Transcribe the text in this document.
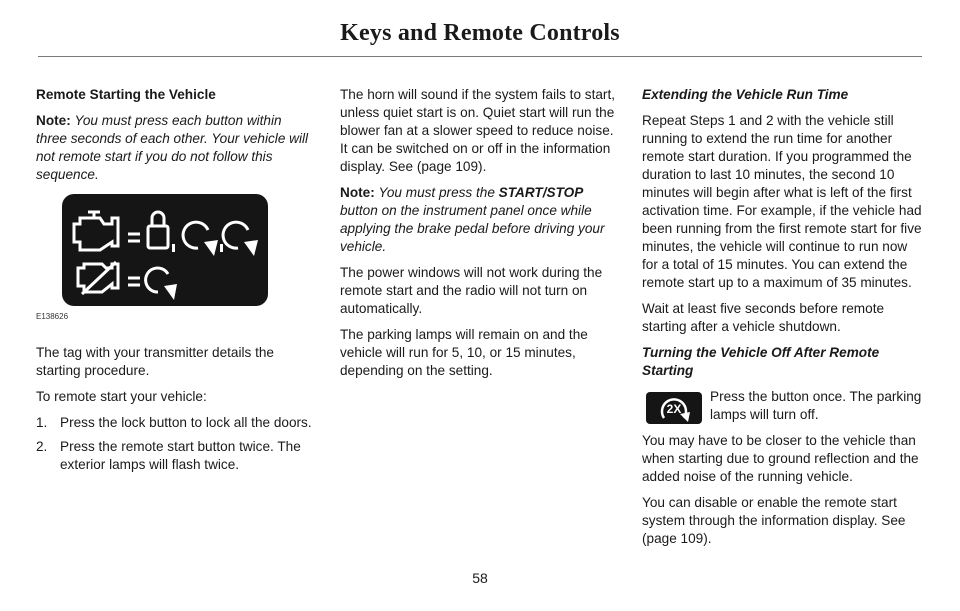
Keys and Remote Controls
Remote Starting the Vehicle

Note: You must press each button within three seconds of each other. Your vehicle will not remote start if you do not follow this sequence.

E138626

The tag with your transmitter details the starting procedure.

To remote start your vehicle:

1. Press the lock button to lock all the doors.
2. Press the remote start button twice. The exterior lamps will flash twice.

The horn will sound if the system fails to start, unless quiet start is on. Quiet start will run the blower fan at a slower speed to reduce noise. It can be switched on or off in the information display. See (page 109).

Note: You must press the START/STOP button on the instrument panel once while applying the brake pedal before driving your vehicle.

The power windows will not work during the remote start and the radio will not turn on automatically.

The parking lamps will remain on and the vehicle will run for 5, 10, or 15 minutes, depending on the setting.

Extending the Vehicle Run Time

Repeat Steps 1 and 2 with the vehicle still running to extend the run time for another remote start duration. If you programmed the duration to last 10 minutes, the second 10 minutes will begin after what is left of the first activation time. For example, if the vehicle had been running from the first remote start for five minutes, the vehicle will continue to run now for a total of 15 minutes. You can extend the remote start up to a maximum of 35 minutes.

Wait at least five seconds before remote starting after a vehicle shutdown.

Turning the Vehicle Off After Remote Starting
2X

Press the button once. The parking lamps will turn off.

You may have to be closer to the vehicle than when starting due to ground reflection and the added noise of the running vehicle.

You can disable or enable the remote start system through the information display. See (page 109).

58
